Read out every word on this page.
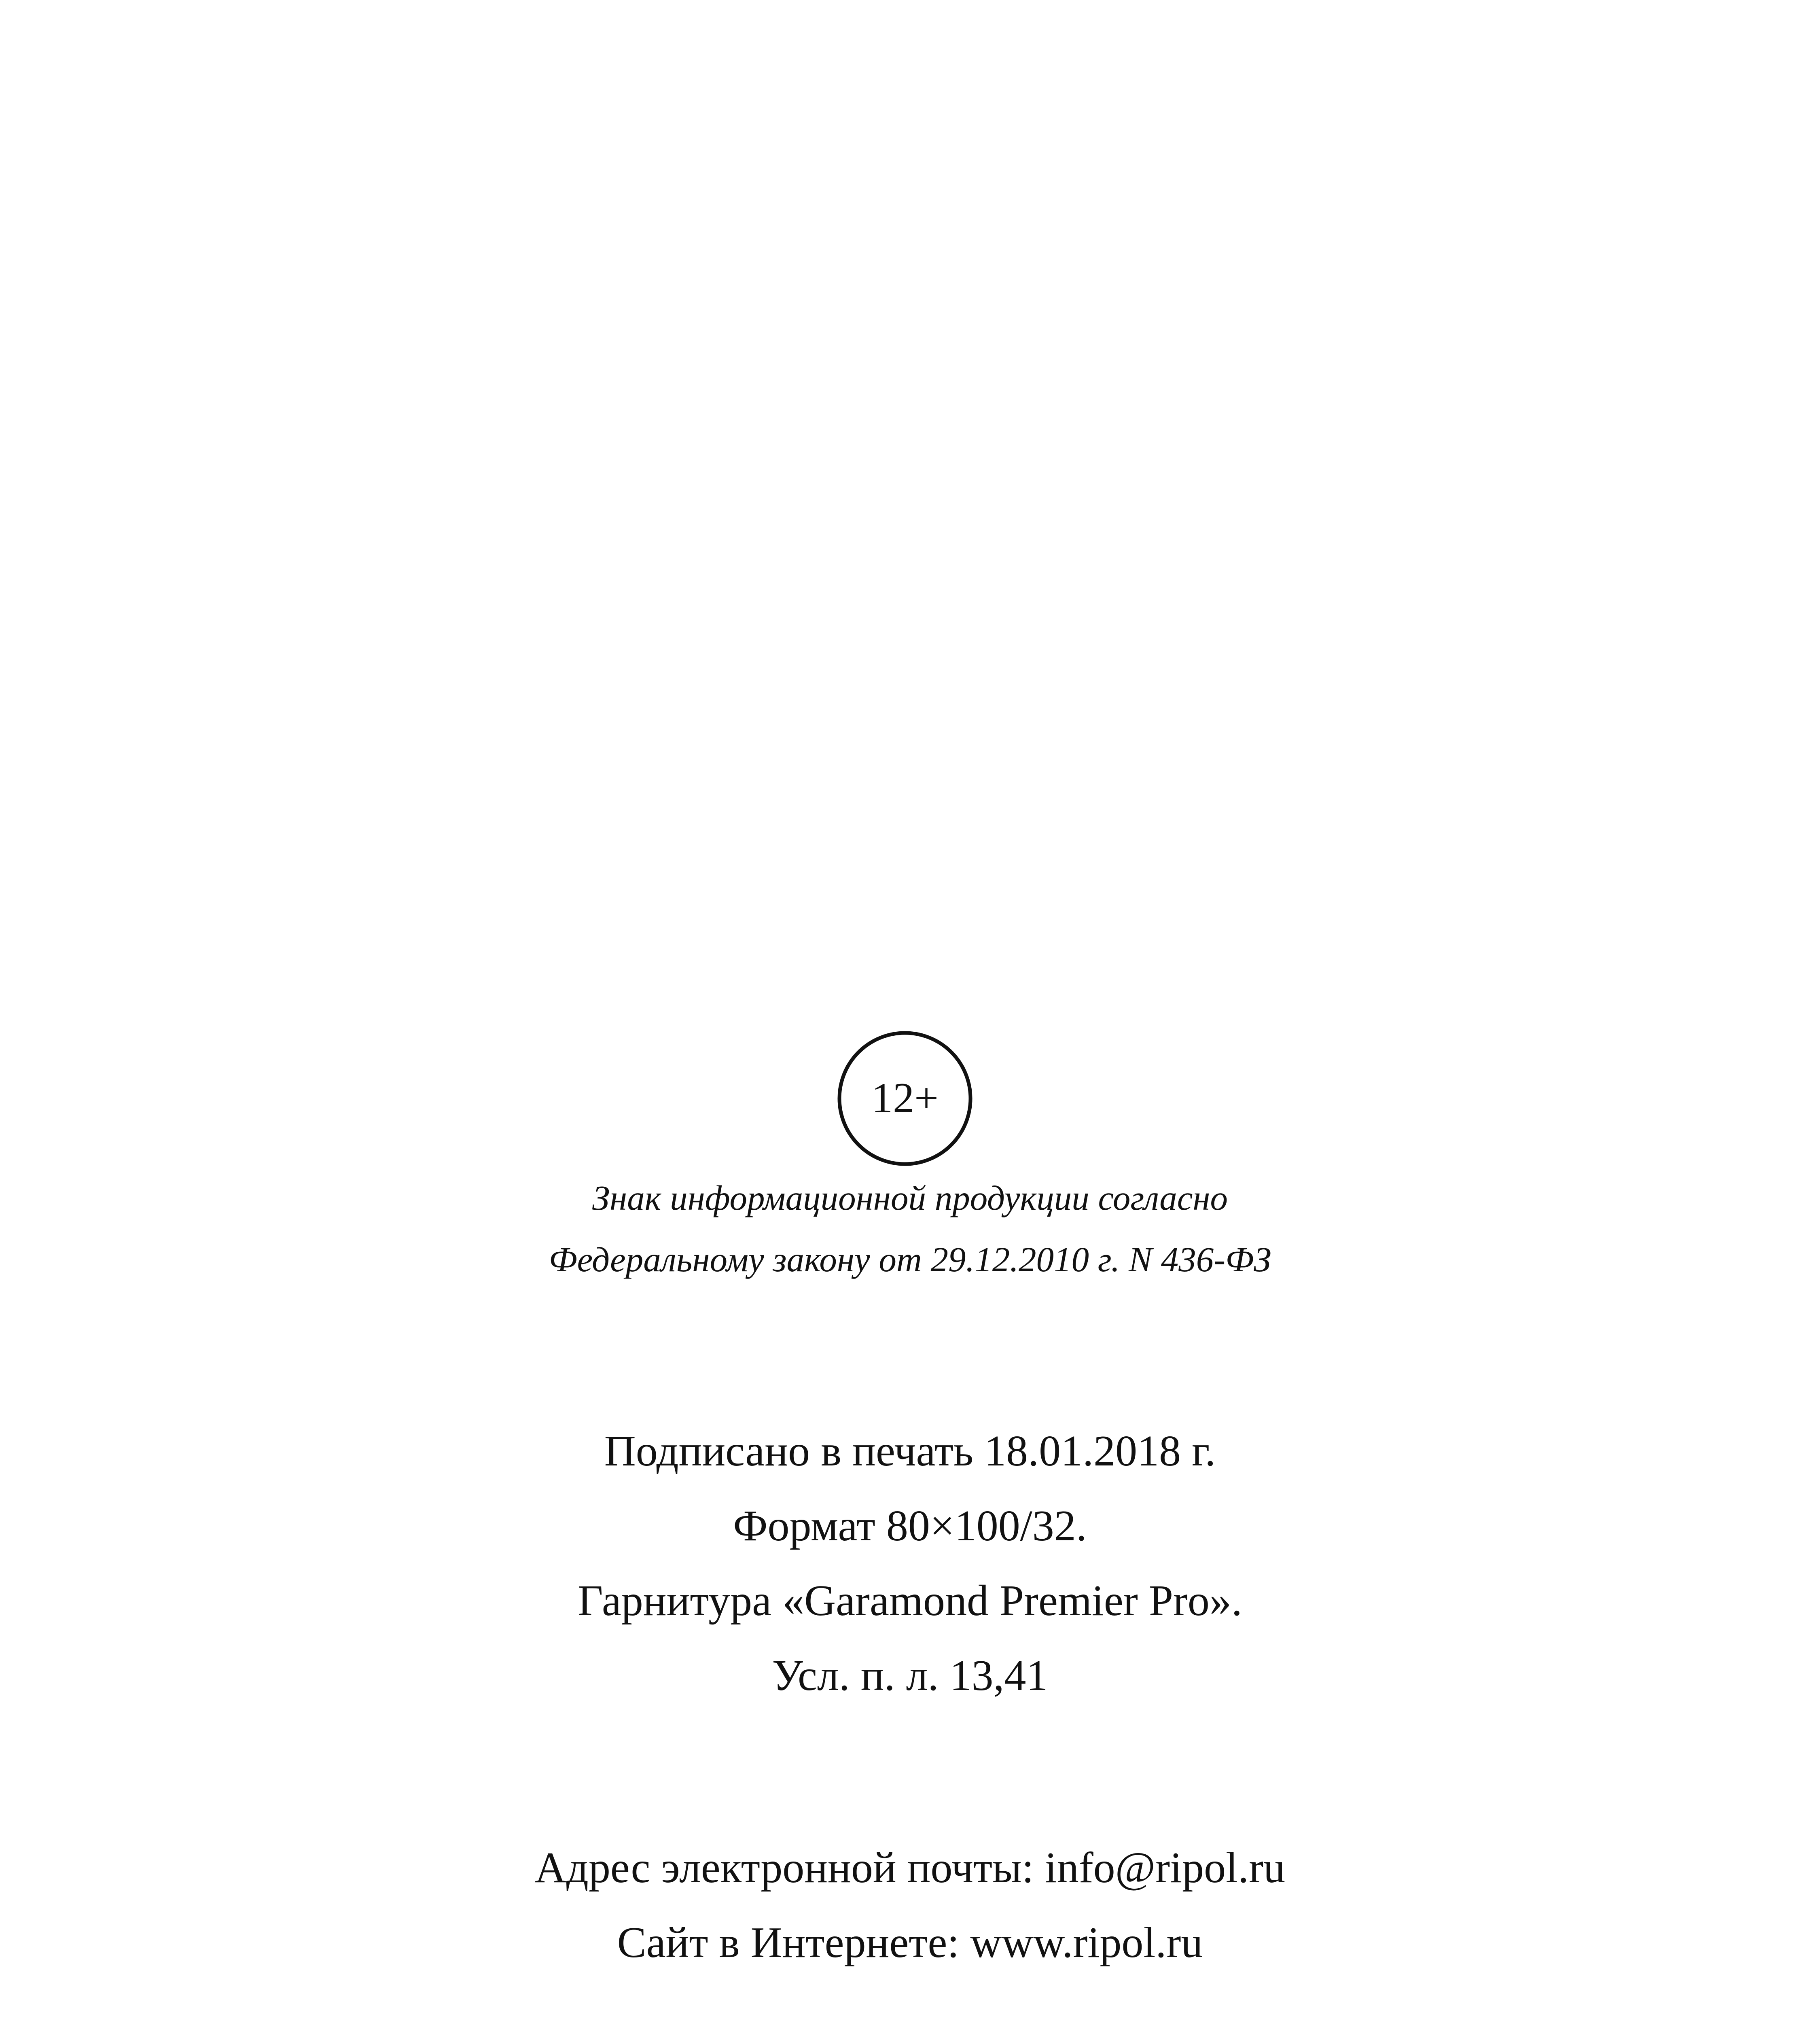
12+
Знак информационной продукции согласно
Федеральному закону от 29.12.2010 г. N 436-ФЗ
Подписано в печать 18.01.2018 г.
Формат 80×100/32.
Гарнитура «Garamond Premier Pro».
Усл. п. л. 13,41
Адрес электронной почты: info@ripol.ru
Сайт в Интернете: www.ripol.ru
